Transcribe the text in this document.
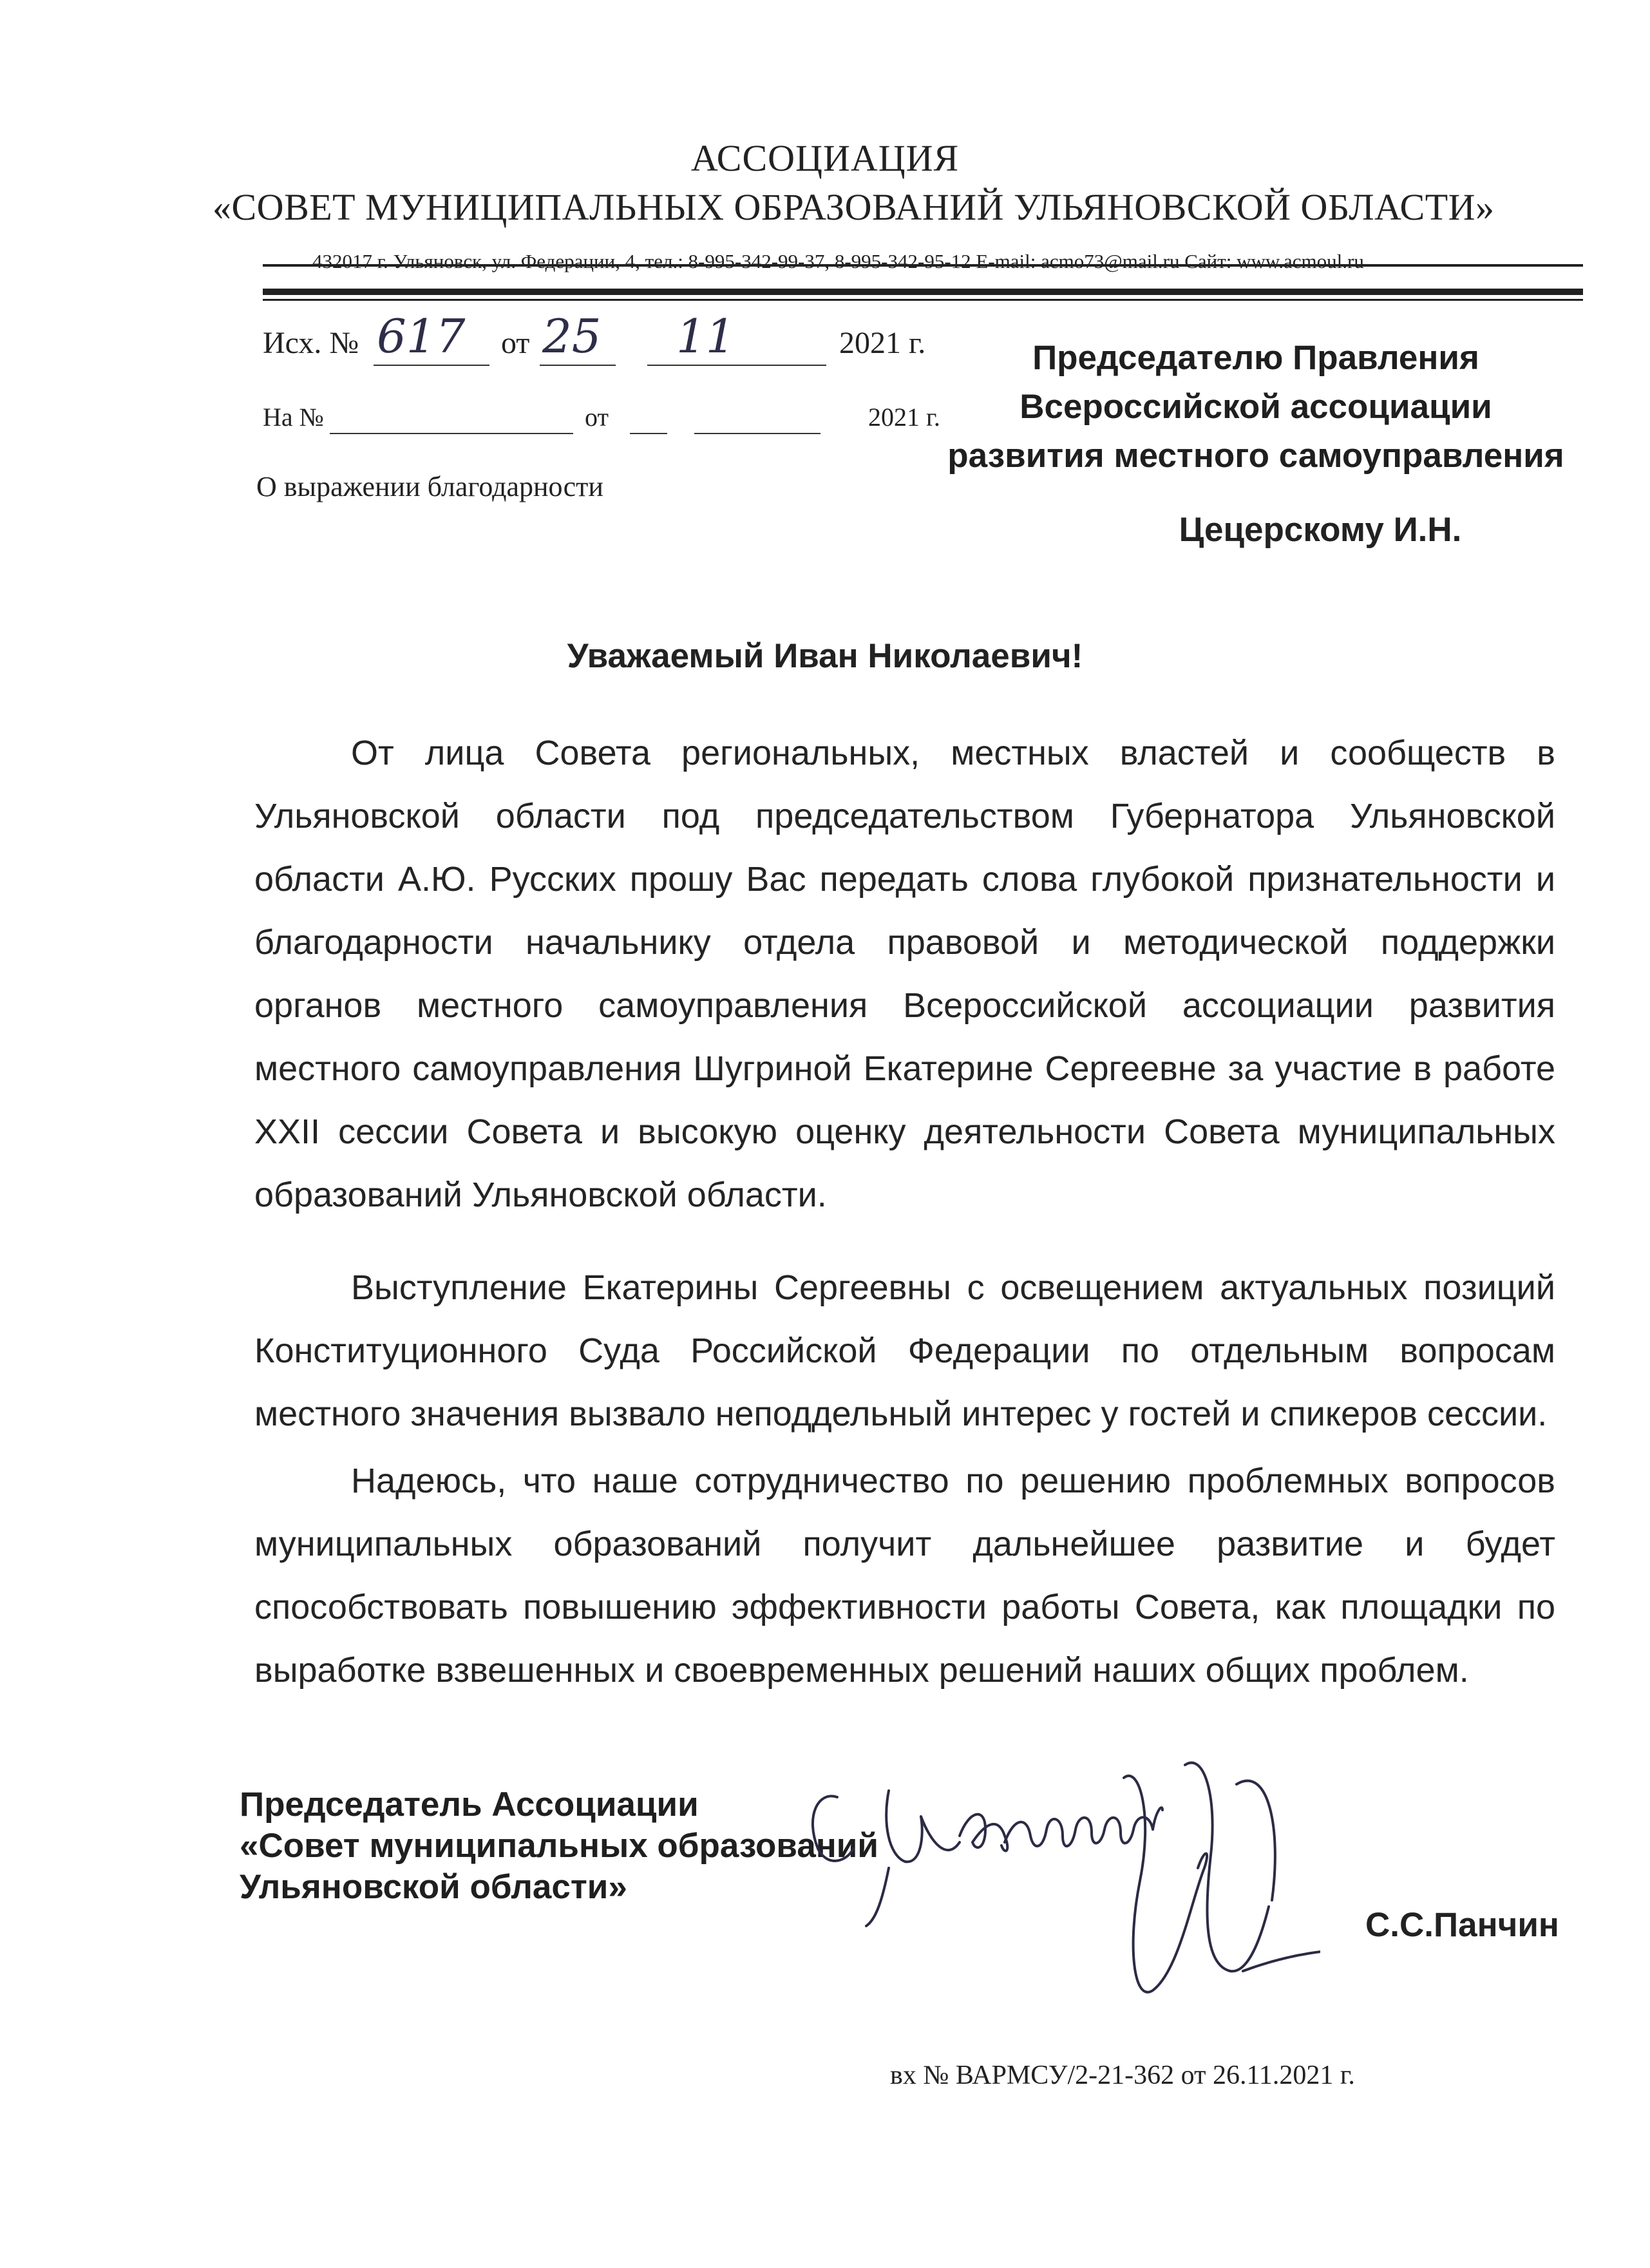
АССОЦИАЦИЯ
«СОВЕТ МУНИЦИПАЛЬНЫХ ОБРАЗОВАНИЙ УЛЬЯНОВСКОЙ ОБЛАСТИ»
432017 г. Ульяновск, ул. Федерации, 4, тел.: 8-995-342-99-37, 8-995-342-95-12 E-mail: acmo73@mail.ru Сайт: www.acmoul.ru
Исх. № 617 от 25 11	2021 г.
На №	от	2021 г.
О выражении благодарности
Председателю Правления
Всероссийской ассоциации
развития местного самоуправления
Цецерскому И.Н.
Уважаемый Иван Николаевич!
От лица Совета региональных, местных властей и сообществ в Ульяновской области под председательством Губернатора Ульяновской области А.Ю. Русских прошу Вас передать слова глубокой признательности и благодарности начальнику отдела правовой и методической поддержки органов местного самоуправления Всероссийской ассоциации развития местного самоуправления Шугриной Екатерине Сергеевне за участие в работе XXII сессии Совета и высокую оценку деятельности Совета муниципальных образований Ульяновской области.
Выступление Екатерины Сергеевны с освещением актуальных позиций Конституционного Суда Российской Федерации по отдельным вопросам местного значения вызвало неподдельный интерес у гостей и спикеров сессии.
Надеюсь, что наше сотрудничество по решению проблемных вопросов муниципальных образований получит дальнейшее развитие и будет способствовать повышению эффективности работы Совета, как площадки по выработке взвешенных и своевременных решений наших общих проблем.
Председатель Ассоциации
«Совет муниципальных образований
Ульяновской области»
С.С.Панчин
вх № ВАРМСУ/2-21-362 от 26.11.2021 г.
